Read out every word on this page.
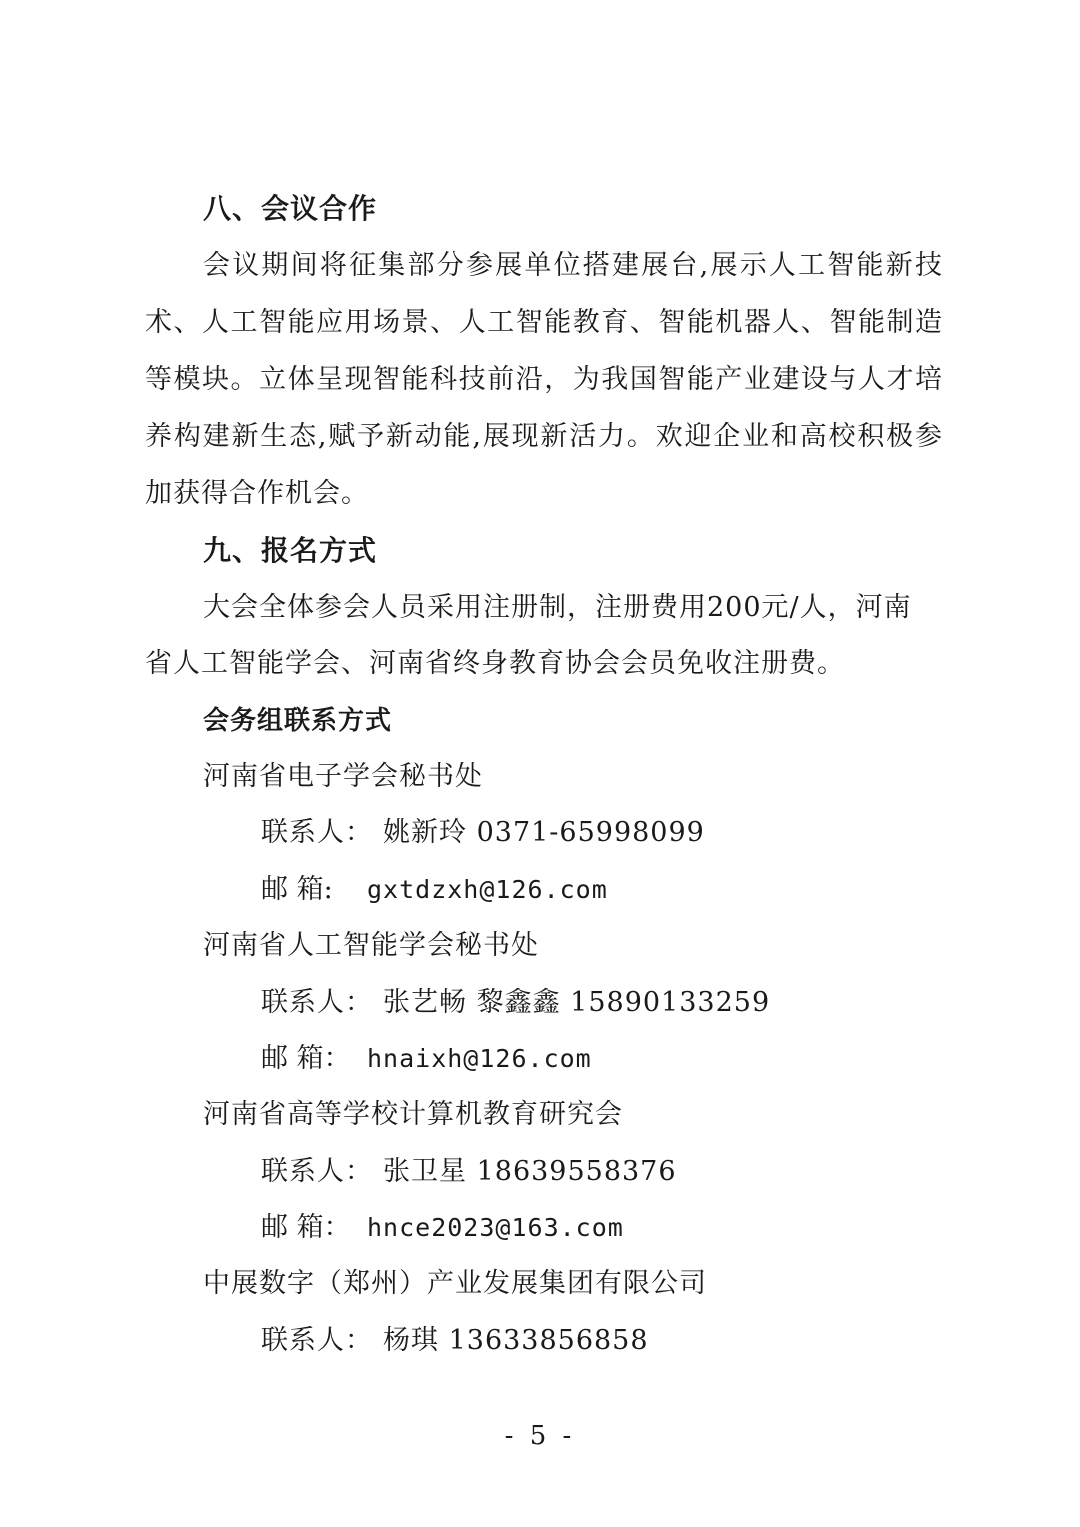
八、会议合作
会议期间将征集部分参展单位搭建展台,展示人工智能新技
术、人工智能应用场景、人工智能教育、智能机器人、智能制造
等模块。立体呈现智能科技前沿，为我国智能产业建设与人才培
养构建新生态,赋予新动能,展现新活力。欢迎企业和高校积极参
加获得合作机会。
九、报名方式
大会全体参会人员采用注册制，注册费用200元/人，河南
省人工智能学会、河南省终身教育协会会员免收注册费。
会务组联系方式
河南省电子学会秘书处
联系人： 姚新玲 0371-65998099
邮 箱: gxtdzxh@126.com
河南省人工智能学会秘书处
联系人： 张艺畅 黎鑫鑫 15890133259
邮 箱： hnaixh@126.com
河南省高等学校计算机教育研究会
联系人： 张卫星 18639558376
邮 箱： hnce2023@163.com
中展数字（郑州）产业发展集团有限公司
联系人： 杨琪 13633856858
- 5 -
